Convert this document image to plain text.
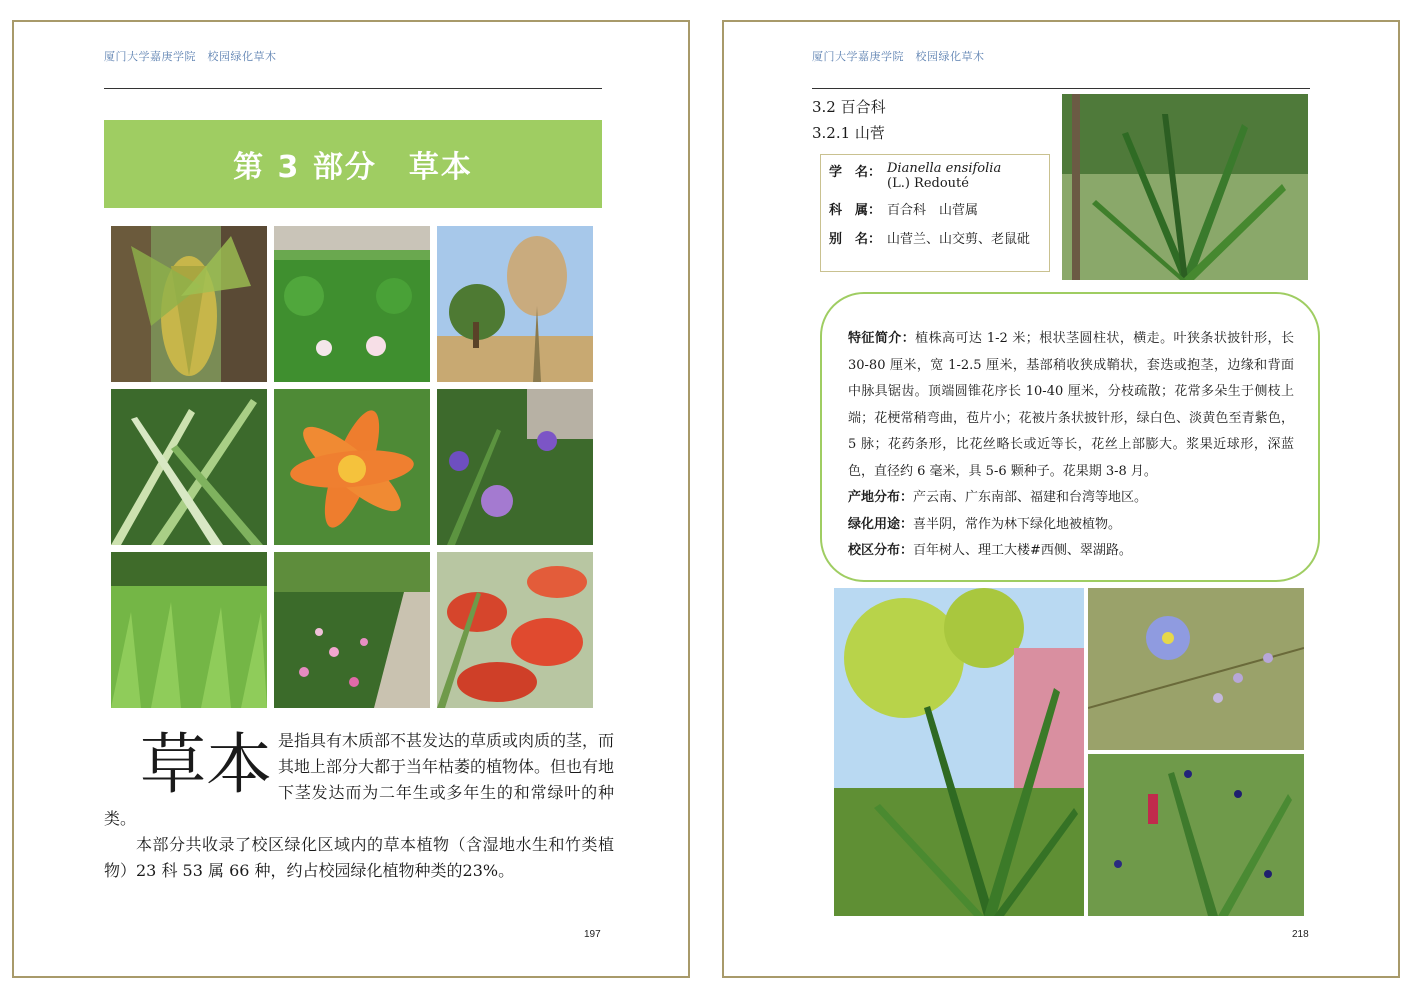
厦门大学嘉庚学院　校园绿化草木
第 3 部分　草本
草本 是指具有木质部不甚发达的草质或肉质的茎，而其地上部分大都于当年枯萎的植物体。但也有地下茎发达而为二年生或多年生的和常绿叶的种类。
本部分共收录了校区绿化区域内的草本植物（含湿地水生和竹类植物）23 科 53 属 66 种，约占校园绿化植物种类的23%。
197
厦门大学嘉庚学院　校园绿化草木
3.2 百合科
3.2.1 山菅
学　名： Dianella ensifolia
(L.) Redouté
科　属： 百合科　山菅属
别　名： 山菅兰、山交剪、老鼠砒

特征简介：植株高可达 1-2 米；根状茎圆柱状，横走。叶狭条状披针形，长 30-80 厘米，宽 1-2.5 厘米，基部稍收狭成鞘状，套迭或抱茎，边缘和背面中脉具锯齿。顶端圆锥花序长 10-40 厘米，分枝疏散；花常多朵生于侧枝上端；花梗常稍弯曲，苞片小；花被片条状披针形，绿白色、淡黄色至青紫色，5 脉；花药条形，比花丝略长或近等长，花丝上部膨大。浆果近球形，深蓝色，直径约 6 毫米，具 5-6 颗种子。花果期 3-8 月。

产地分布：产云南、广东南部、福建和台湾等地区。

绿化用途：喜半阴，常作为林下绿化地被植物。

校区分布：百年树人、理工大楼#西侧、翠湖路。

218
